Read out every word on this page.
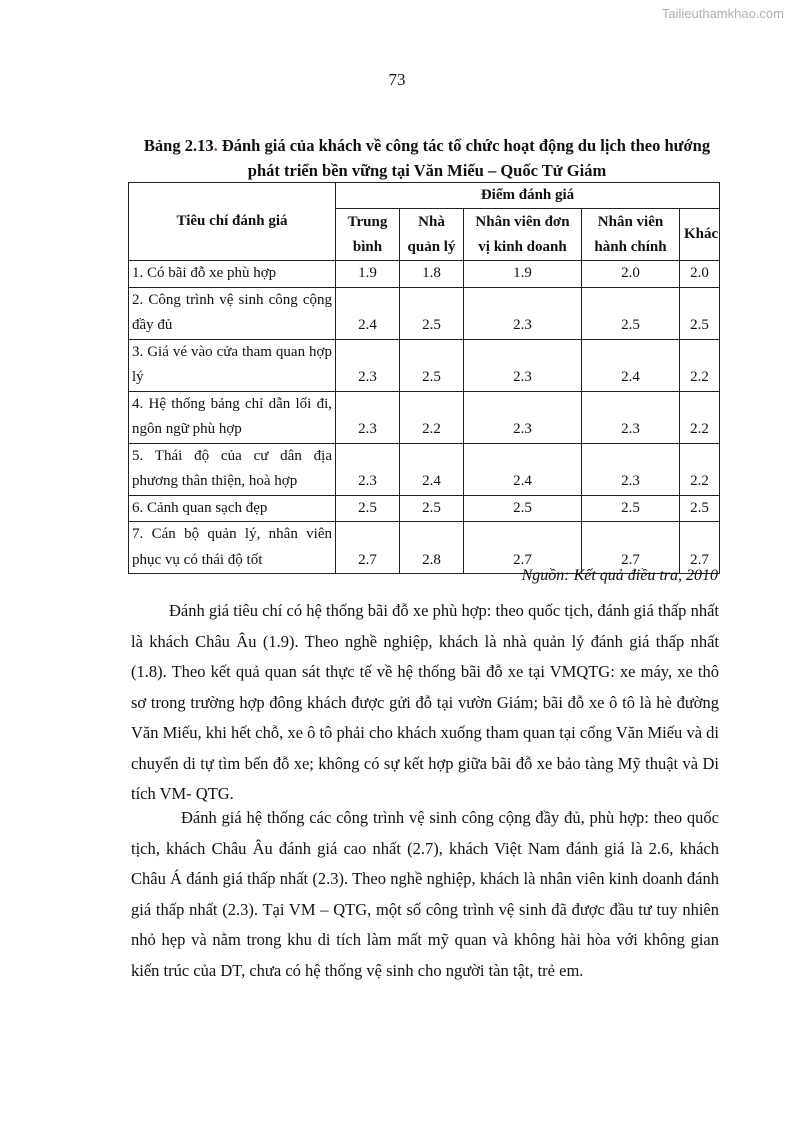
Tailieuthamkhao.com
73
Bảng 2.13. Đánh giá của khách về công tác tổ chức hoạt động du lịch theo hướng phát triển bền vững tại Văn Miếu – Quốc Tử Giám
Tiêu chí đánh giá	Điểm đánh giá				
	Trung bình	Nhà quản lý	Nhân viên đơn vị kinh doanh	Nhân viên hành chính	Khác
1. Có bãi đỗ xe phù hợp	1.9	1.8	1.9	2.0	2.0
2. Công trình vệ sinh công cộng đầy đủ	2.4	2.5	2.3	2.5	2.5
3. Giá vé vào cửa tham quan hợp lý	2.3	2.5	2.3	2.4	2.2
4. Hệ thống bảng chỉ dẫn lối đi, ngôn ngữ phù hợp	2.3	2.2	2.3	2.3	2.2
5. Thái độ của cư dân địa phương thân thiện, hoà hợp	2.3	2.4	2.4	2.3	2.2
6. Cảnh quan sạch đẹp	2.5	2.5	2.5	2.5	2.5
7. Cán bộ quản lý, nhân viên phục vụ có thái độ tốt	2.7	2.8	2.7	2.7	2.7
Nguồn: Kết quả điều tra, 2010

Đánh giá tiêu chí có hệ thống bãi đỗ xe phù hợp: theo quốc tịch, đánh giá thấp nhất là khách Châu Âu (1.9). Theo nghề nghiệp, khách là nhà quản lý đánh giá thấp nhất (1.8). Theo kết quả quan sát thực tế về hệ thống bãi đỗ xe tại VMQTG: xe máy, xe thô sơ trong trường hợp đông khách được gửi đỗ tại vườn Giám; bãi đỗ xe ô tô là hè đường Văn Miếu, khi hết chỗ, xe ô tô phải cho khách xuống tham quan tại cổng Văn Miếu và di chuyển di tự tìm bến đỗ xe; không có sự kết hợp giữa bãi đỗ xe bảo tàng Mỹ thuật và Di tích VM- QTG.

Đánh giá hệ thống các công trình vệ sinh công cộng đầy đủ, phù hợp: theo quốc tịch, khách Châu Âu đánh giá cao nhất (2.7), khách Việt Nam đánh giá là 2.6, khách Châu Á đánh giá thấp nhất (2.3). Theo nghề nghiệp, khách là nhân viên kinh doanh đánh giá thấp nhất (2.3). Tại VM – QTG, một số công trình vệ sinh đã được đầu tư tuy nhiên nhỏ hẹp và nằm trong khu di tích làm mất mỹ quan và không hài hòa với không gian kiến trúc của DT, chưa có hệ thống vệ sinh cho người tàn tật, trẻ em.
